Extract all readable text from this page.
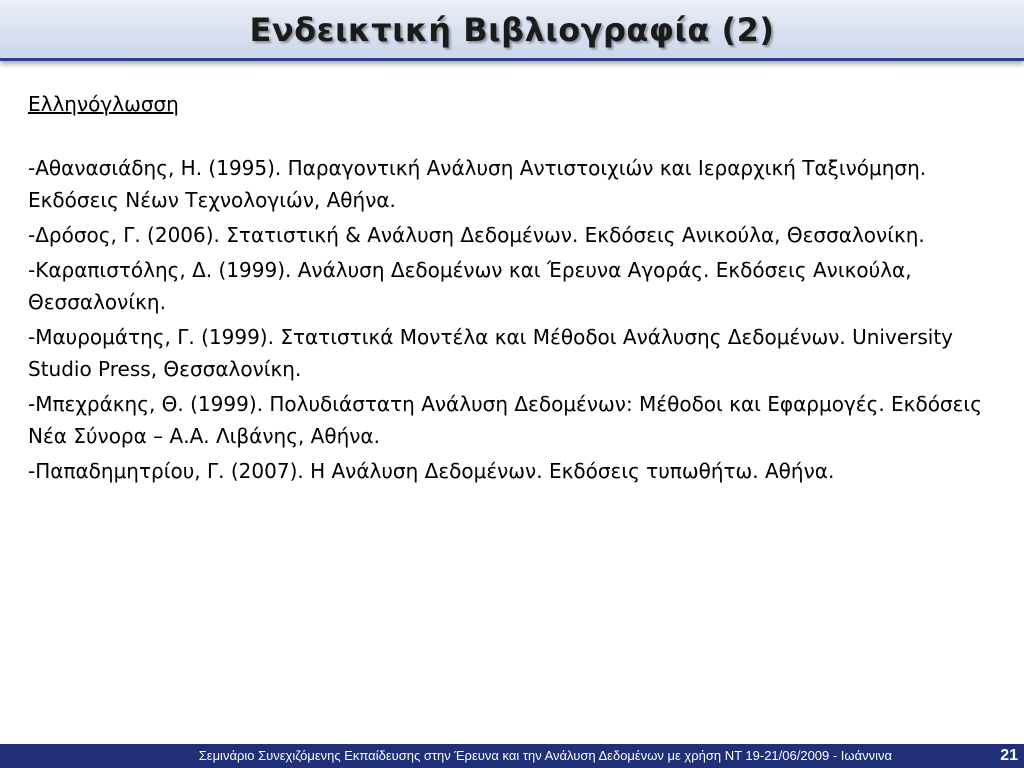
Ενδεικτική Βιβλιογραφία (2)

Ελληνόγλωσση

-Αθανασιάδης, Η. (1995). Παραγοντική Ανάλυση Αντιστοιχιών και Ιεραρχική Ταξινόμηση. Εκδόσεις Νέων Τεχνολογιών, Αθήνα.

-Δρόσος, Γ. (2006). Στατιστική & Ανάλυση Δεδομένων. Εκδόσεις Ανικούλα, Θεσσαλονίκη.

-Καραπιστόλης, Δ. (1999). Ανάλυση Δεδομένων και Έρευνα Αγοράς. Εκδόσεις Ανικούλα, Θεσσαλονίκη.

-Μαυρομάτης, Γ. (1999). Στατιστικά Μοντέλα και Μέθοδοι Ανάλυσης Δεδομένων. University Studio Press, Θεσσαλονίκη.

-Μπεχράκης, Θ. (1999). Πολυδιάστατη Ανάλυση Δεδομένων: Μέθοδοι και Εφαρμογές. Εκδόσεις Νέα Σύνορα – Α.Α. Λιβάνης, Αθήνα.

-Παπαδημητρίου, Γ. (2007). Η Ανάλυση Δεδομένων. Εκδόσεις τυπωθήτω. Αθήνα.

Σεμινάριο Συνεχιζόμενης Εκπαίδευσης στην Έρευνα και την Ανάλυση Δεδομένων με χρήση ΝΤ 19-21/06/2009 - Ιωάννινα	21
